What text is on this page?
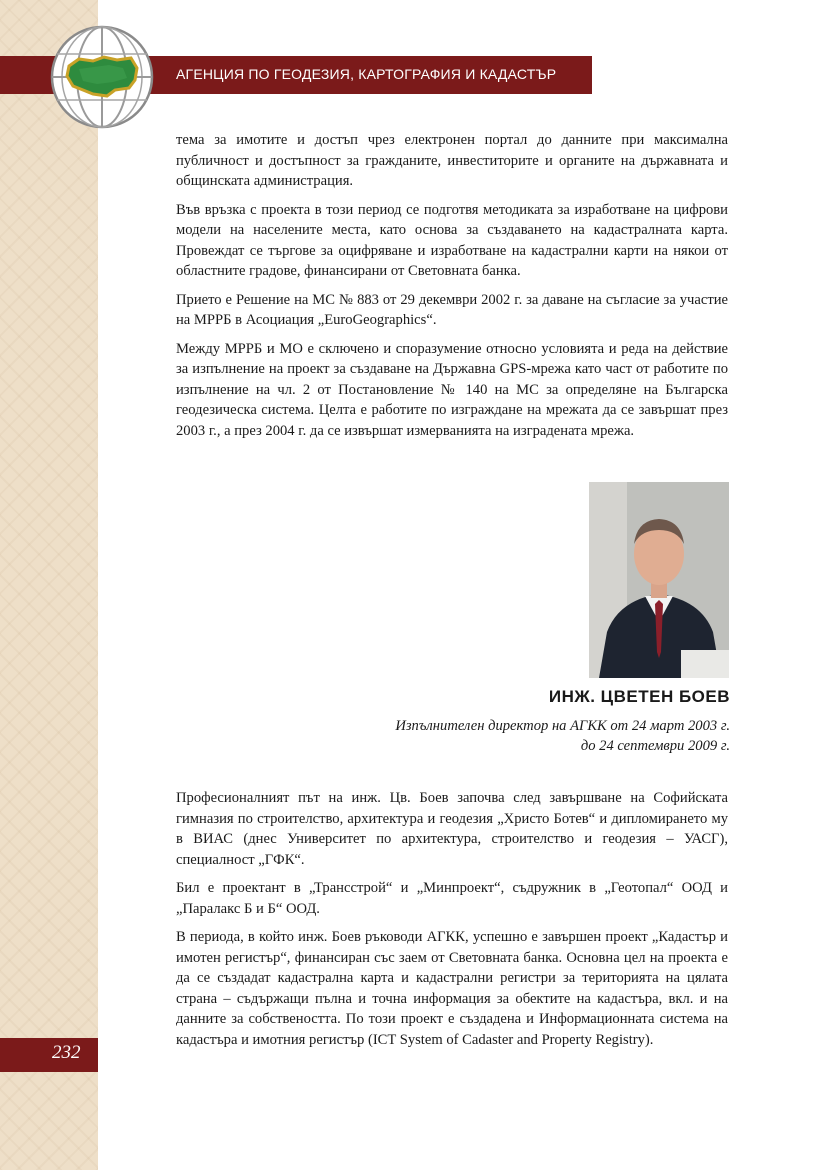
АГЕНЦИЯ ПО ГЕОДЕЗИЯ, КАРТОГРАФИЯ И КАДАСТЪР

тема за имотите и достъп чрез електронен портал до данните при максимална публичност и достъпност за гражданите, инвеститорите и органите на държавната и общинската администрация.

Във връзка с проекта в този период се подготвя методиката за изработване на цифрови модели на населените места, като основа за създаването на кадастралната карта. Провеждат се търгове за оцифряване и изработване на кадастрални карти на някои от областните градове, финансирани от Световната банка.

Прието е Решение на МС № 883 от 29 декември 2002 г. за даване на съгласие за участие на МРРБ в Асоциация „EuroGeographics“.

Между МРРБ и МО е сключено и споразумение относно условията и реда на действие за изпълнение на проект за създаване на Държавна GPS-мрежа като част от работите по изпълнение на чл. 2 от Постановление № 140 на МС за определяне на Българска геодезическа система. Целта е работите по изграждане на мрежата да се завършат през 2003 г., а през 2004 г. да се извършат измерванията на изградената мрежа.

ИНЖ. ЦВЕТЕН БОЕВ
Изпълнителен директор на АГКК от 24 март 2003 г.
до 24 септември 2009 г.

Професионалният път на инж. Цв. Боев започва след завършване на Софийската гимназия по строителство, архитектура и геодезия „Христо Ботев“ и дипломирането му в ВИАС (днес Университет по архитектура, строителство и геодезия – УАСГ), специалност „ГФК“.

Бил е проектант в „Трансстрой“ и „Минпроект“, съдружник в „Геотопал“ ООД и „Паралакс Б и Б“ ООД.

В периода, в който инж. Боев ръководи АГКК, успешно е завършен проект „Кадастър и имотен регистър“, финансиран със заем от Световната банка. Основна цел на проекта е да се създадат кадастрална карта и кадастрални регистри за територията на цялата страна – съдържащи пълна и точна информация за обектите на кадастъра, вкл. и на данните за собствеността. По този проект е създадена и Информационната система на кадастъра и имотния регистър (ICT System of Cadaster and Property Registry).

232
